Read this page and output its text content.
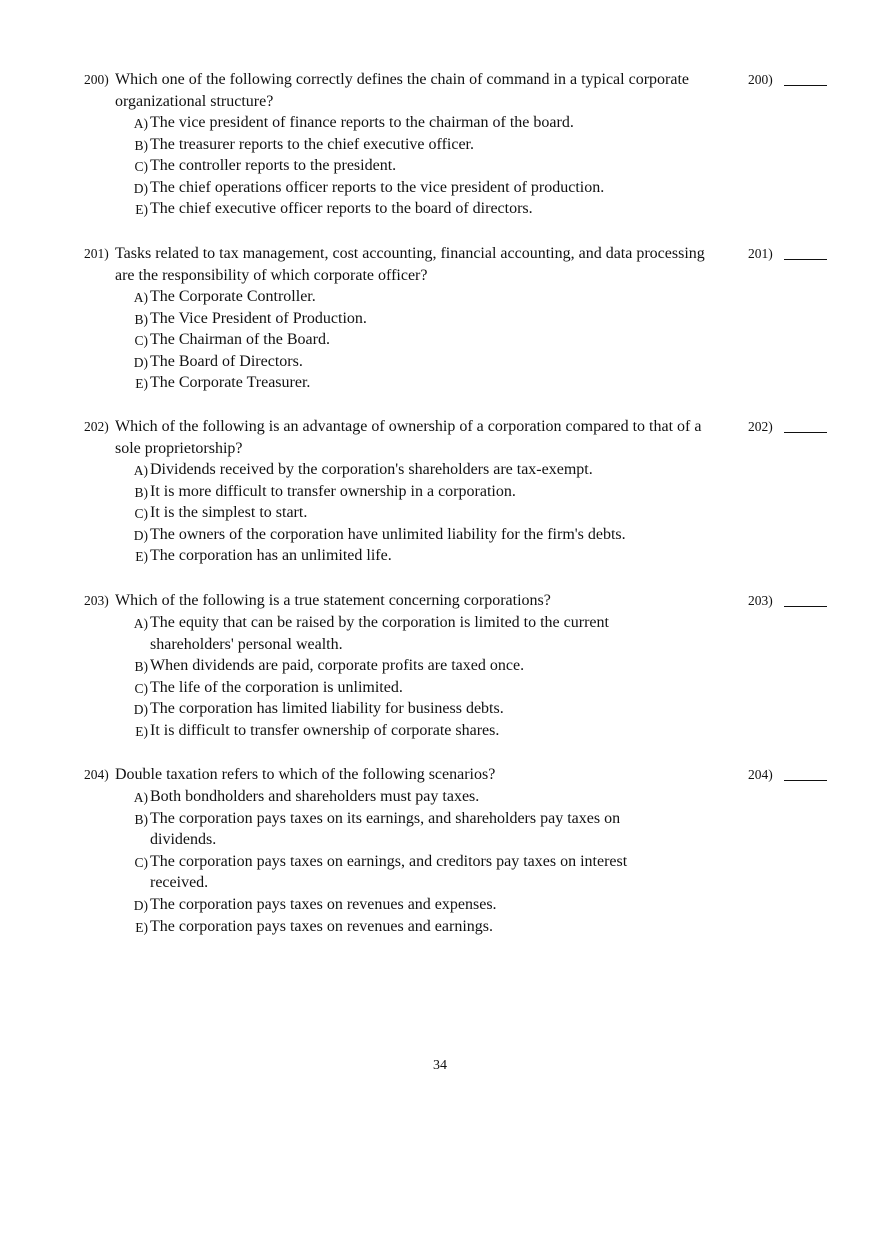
200) Which one of the following correctly defines the chain of command in a typical corporate organizational structure?
200)
A) The vice president of finance reports to the chairman of the board.
B) The treasurer reports to the chief executive officer.
C) The controller reports to the president.
D) The chief operations officer reports to the vice president of production.
E) The chief executive officer reports to the board of directors.
201) Tasks related to tax management, cost accounting, financial accounting, and data processing are the responsibility of which corporate officer?
201)
A) The Corporate Controller.
B) The Vice President of Production.
C) The Chairman of the Board.
D) The Board of Directors.
E) The Corporate Treasurer.
202) Which of the following is an advantage of ownership of a corporation compared to that of a sole proprietorship?
202)
A) Dividends received by the corporation's shareholders are tax-exempt.
B) It is more difficult to transfer ownership in a corporation.
C) It is the simplest to start.
D) The owners of the corporation have unlimited liability for the firm's debts.
E) The corporation has an unlimited life.
203) Which of the following is a true statement concerning corporations?	203)
A) The equity that can be raised by the corporation is limited to the current shareholders' personal wealth.
B) When dividends are paid, corporate profits are taxed once.
C) The life of the corporation is unlimited.
D) The corporation has limited liability for business debts.
E) It is difficult to transfer ownership of corporate shares.
204) Double taxation refers to which of the following scenarios?	204)
A) Both bondholders and shareholders must pay taxes.
B) The corporation pays taxes on its earnings, and shareholders pay taxes on dividends.
C) The corporation pays taxes on earnings, and creditors pay taxes on interest received.
D) The corporation pays taxes on revenues and expenses.
E) The corporation pays taxes on revenues and earnings.
34
